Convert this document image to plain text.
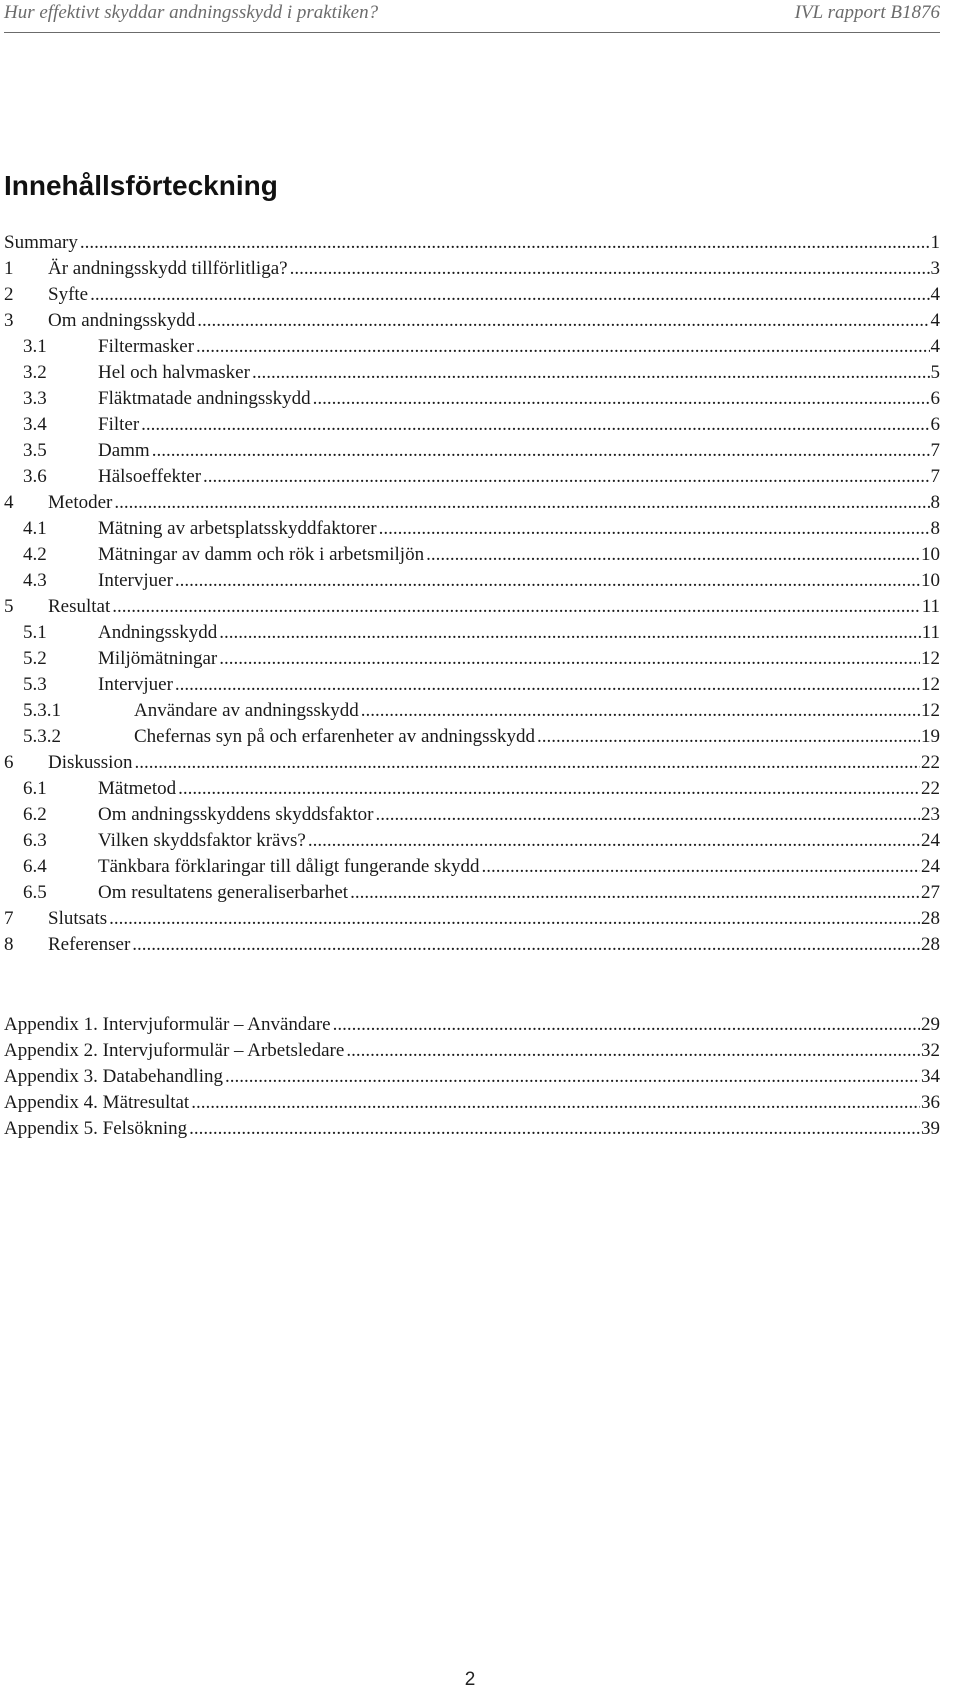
Hur effektivt skyddar andningsskydd i praktiken?	IVL rapport B1876
Innehållsförteckning
Summary .....	1
1 Är andningsskydd tillförlitliga? .....	3
2 Syfte .....	4
3 Om andningsskydd .....	4
3.1	Filtermasker .....	4
3.2	Hel och halvmasker .....	5
3.3	Fläktmatade andningsskydd .....	6
3.4	Filter .....	6
3.5	Damm .....	7
3.6	Hälsoeffekter .....	7
4 Metoder .....	8
4.1	Mätning av arbetsplatsskyddfaktorer .....	8
4.2	Mätningar av damm och rök i arbetsmiljön .....	10
4.3	Intervjuer .....	10
5 Resultat .....	11
5.1	Andningsskydd .....	11
5.2	Miljömätningar .....	12
5.3	Intervjuer .....	12
5.3.1	Användare av andningsskydd .....	12
5.3.2	Chefernas syn på och erfarenheter av andningsskydd .....	19
6 Diskussion .....	22
6.1	Mätmetod .....	22
6.2	Om andningsskyddens skyddsfaktor .....	23
6.3	Vilken skyddsfaktor krävs? .....	24
6.4	Tänkbara förklaringar till dåligt fungerande skydd .....	24
6.5	Om resultatens generaliserbarhet .....	27
7 Slutsats .....	28
8 Referenser .....	28
Appendix 1. Intervjuformulär – Användare .....	29
Appendix 2. Intervjuformulär – Arbetsledare .....	32
Appendix 3. Databehandling .....	34
Appendix 4. Mätresultat .....	36
Appendix 5. Felsökning .....	39
2
